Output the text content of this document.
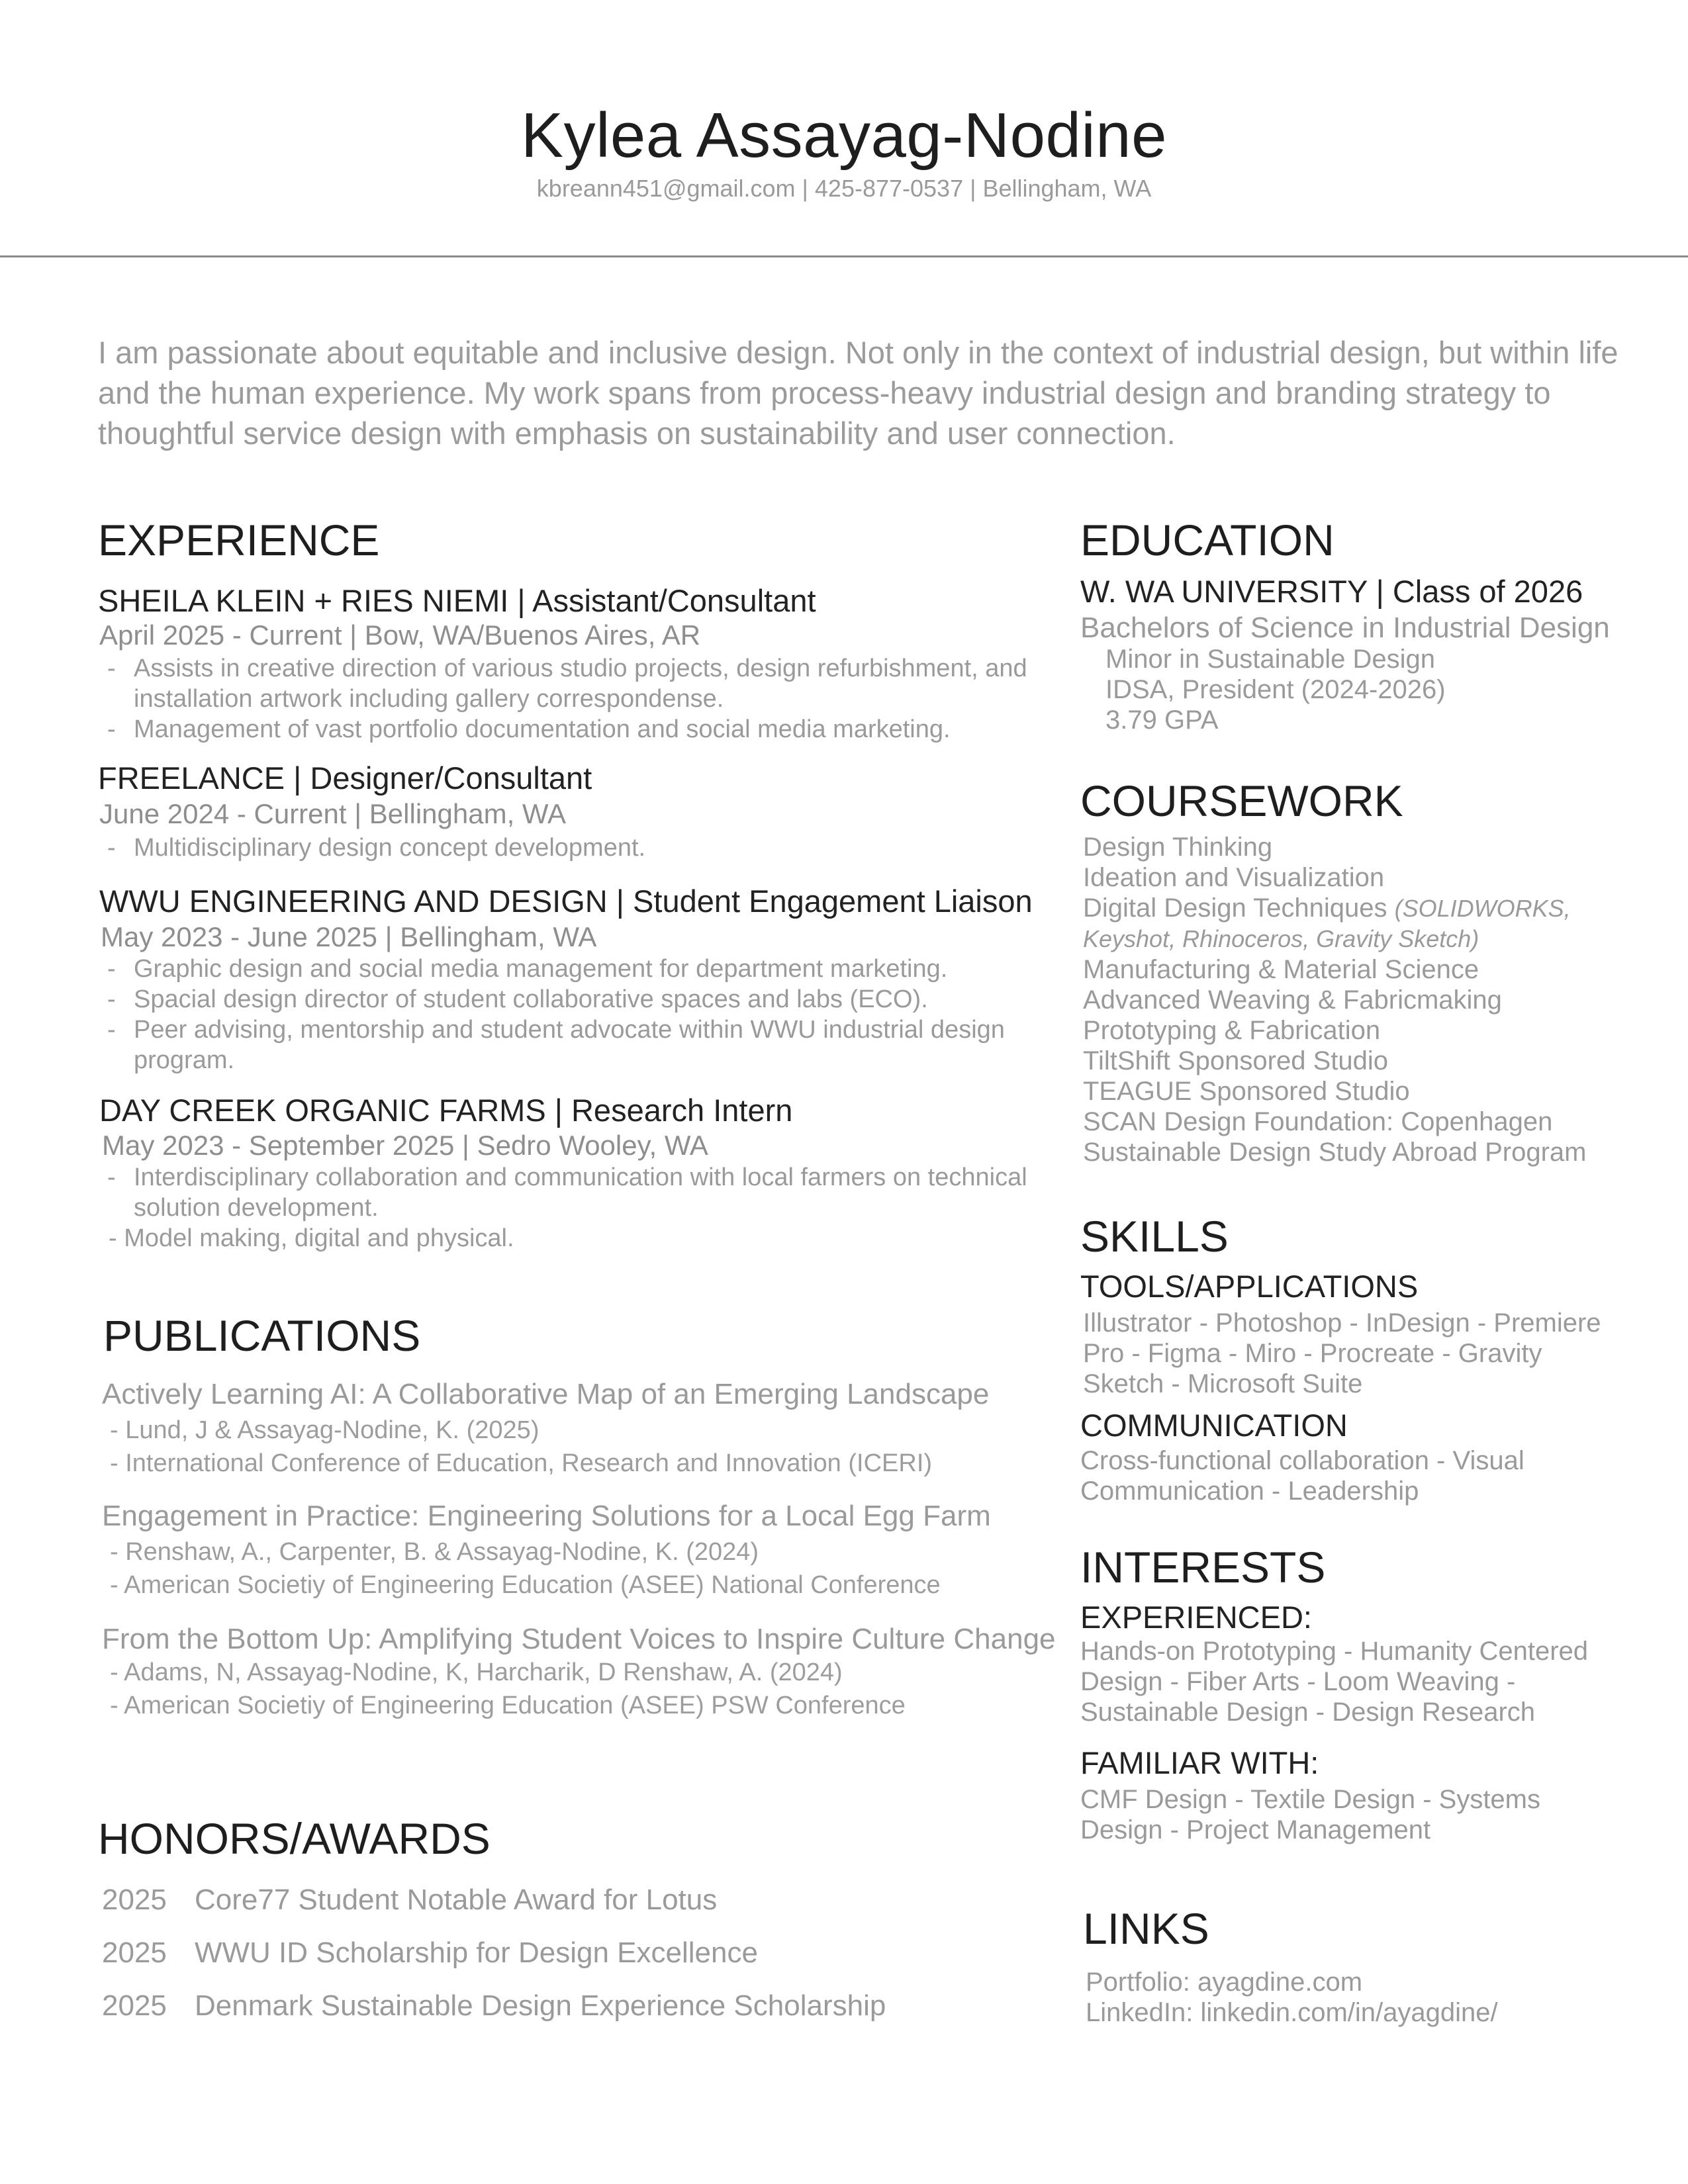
Kylea Assayag-Nodine
kbreann451@gmail.com | 425-877-0537 | Bellingham, WA
I am passionate about equitable and inclusive design. Not only in the context of industrial design, but within life and the human experience. My work spans from process-heavy industrial design and branding strategy to thoughtful service design with emphasis on sustainability and user connection.
EXPERIENCE
SHEILA KLEIN + RIES NIEMI | Assistant/Consultant
April 2025 - Current | Bow, WA/Buenos Aires, AR
- Assists in creative direction of various studio projects, design refurbishment, and installation artwork including gallery correspondense.
- Management of vast portfolio documentation and social media marketing.
FREELANCE | Designer/Consultant
June 2024 - Current | Bellingham, WA
- Multidisciplinary design concept development.
WWU ENGINEERING AND DESIGN | Student Engagement Liaison
May 2023 - June 2025 | Bellingham, WA
- Graphic design and social media management for department marketing.
- Spacial design director of student collaborative spaces and labs (ECO).
- Peer advising, mentorship and student advocate within WWU industrial design program.
DAY CREEK ORGANIC FARMS | Research Intern
May 2023 - September 2025 | Sedro Wooley, WA
- Interdisciplinary collaboration and communication with local farmers on technical solution development.
- Model making, digital and physical.
PUBLICATIONS
Actively Learning AI: A Collaborative Map of an Emerging Landscape
- Lund, J & Assayag-Nodine, K. (2025)
- International Conference of Education, Research and Innovation (ICERI)
Engagement in Practice: Engineering Solutions for a Local Egg Farm
- Renshaw, A., Carpenter, B. & Assayag-Nodine, K. (2024)
- American Societiy of Engineering Education (ASEE) National Conference
From the Bottom Up: Amplifying Student Voices to Inspire Culture Change
- Adams, N, Assayag-Nodine, K, Harcharik, D Renshaw, A. (2024)
- American Societiy of Engineering Education (ASEE) PSW Conference
HONORS/AWARDS
2025 Core77 Student Notable Award for Lotus
2025 WWU ID Scholarship for Design Excellence
2025 Denmark Sustainable Design Experience Scholarship
EDUCATION
W. WA UNIVERSITY | Class of 2026
Bachelors of Science in Industrial Design
Minor in Sustainable Design
IDSA, President (2024-2026)
3.79 GPA
COURSEWORK
Design Thinking
Ideation and Visualization
Digital Design Techniques (SOLIDWORKS,
Keyshot, Rhinoceros, Gravity Sketch)
Manufacturing & Material Science
Advanced Weaving & Fabricmaking
Prototyping & Fabrication
TiltShift Sponsored Studio
TEAGUE Sponsored Studio
SCAN Design Foundation: Copenhagen
Sustainable Design Study Abroad Program
SKILLS
TOOLS/APPLICATIONS
Illustrator - Photoshop - InDesign - Premiere Pro - Figma - Miro - Procreate - Gravity Sketch - Microsoft Suite
COMMUNICATION
Cross-functional collaboration - Visual Communication - Leadership
INTERESTS
EXPERIENCED:
Hands-on Prototyping - Humanity Centered Design - Fiber Arts - Loom Weaving - Sustainable Design - Design Research
FAMILIAR WITH:
CMF Design - Textile Design - Systems Design - Project Management
LINKS
Portfolio: ayagdine.com
LinkedIn: linkedin.com/in/ayagdine/
